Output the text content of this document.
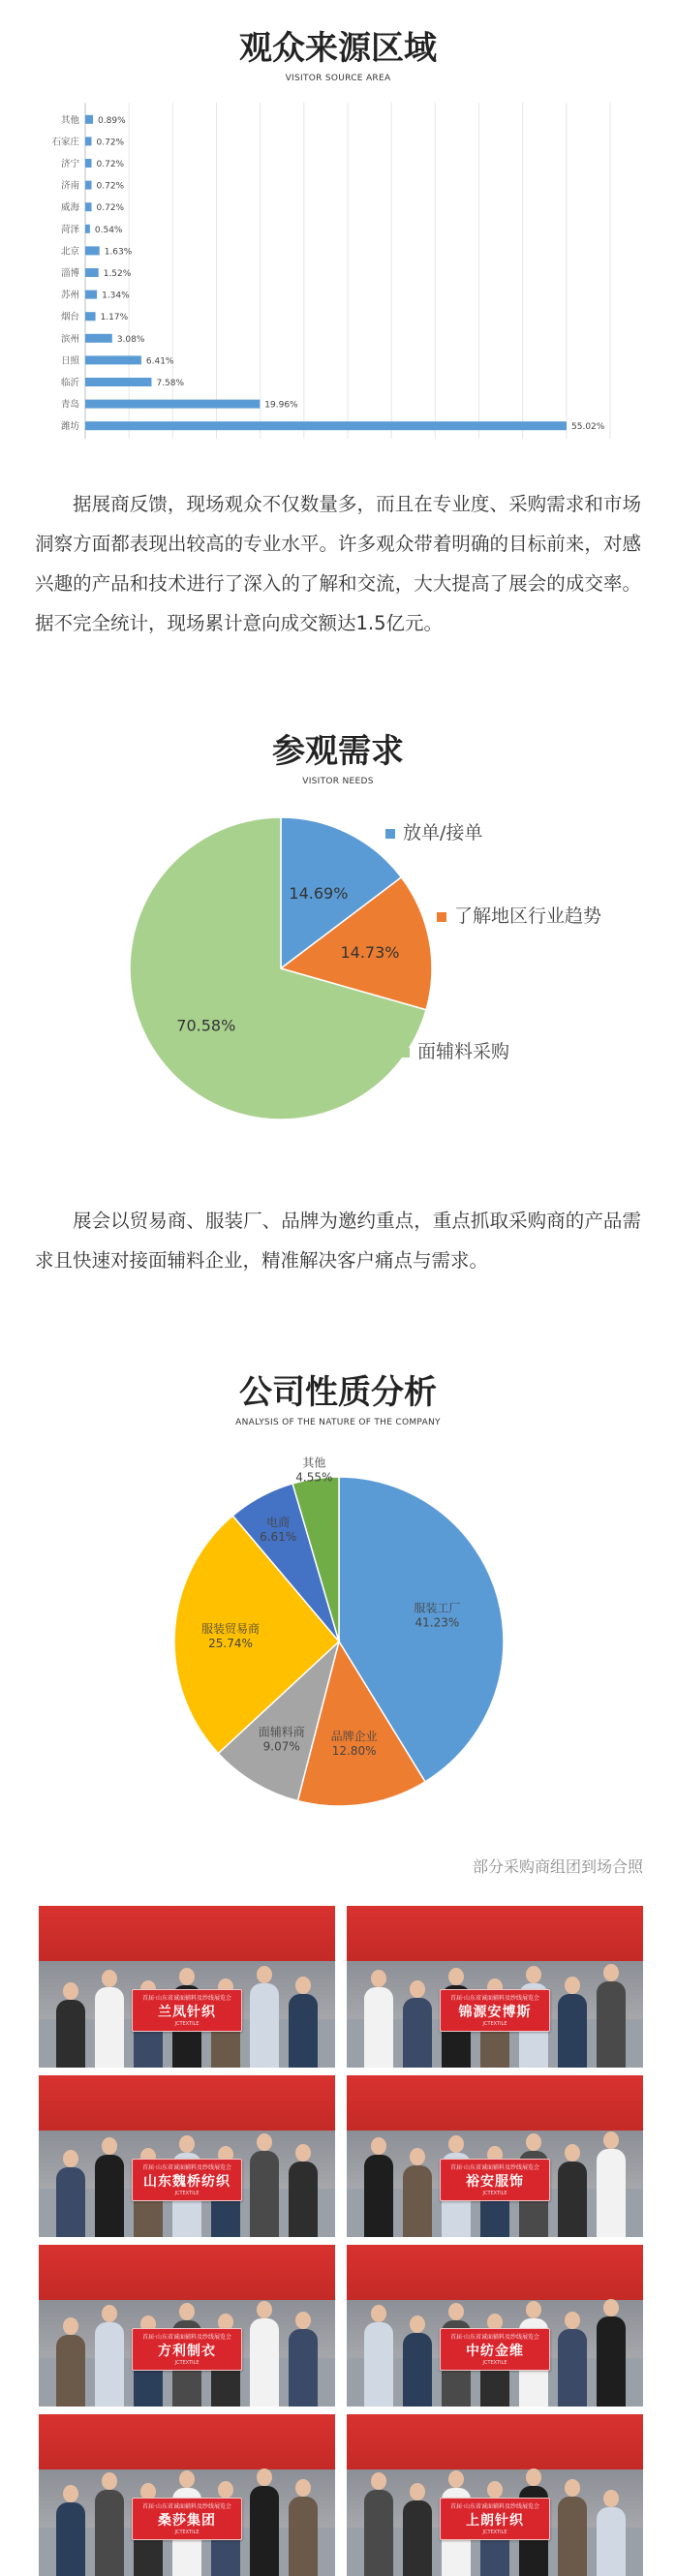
观众来源区域
VISITOR SOURCE AREA
其他 0.89%
石家庄 0.72%
济宁 0.72%
济南 0.72%
威海 0.72%
菏泽 0.54%
北京	1.63%
淄博	1.52%
苏州	1.34%
烟台 1.17%
滨州	3.08%
日照	6.41%
临沂	7.58%
青岛	19.96%
潍坊	55.02%

据展商反馈，现场观众不仅数量多，而且在专业度、采购需求和市场洞察方面都表现出较高的专业水平。许多观众带着明确的目标前来，对感兴趣的产品和技术进行了深入的了解和交流，大大提高了展会的成交率。据不完全统计，现场累计意向成交额达1.5亿元。

参观需求
VISITOR NEEDS
14.69%
14.73%
70.58%
放单/接单
了解地区行业趋势
面辅料采购

展会以贸易商、服装厂、品牌为邀约重点，重点抓取采购商的产品需求且快速对接面辅料企业，精准解决客户痛点与需求。

公司性质分析
ANALYSIS OF THE NATURE OF THE COMPANY
服装工厂
41.23%
品牌企业
12.80%
面辅料商
9.07%
服装贸易商
25.74%
电商
6.61%
其他
4.55%
部分采购商组团到场合照
首届·山东省诚面辅料及纱线展览会
兰凤针织
JCTEXTILE
首届·山东省诚面辅料及纱线展览会
锦源安博斯
JCTEXTILE
首届·山东省诚面辅料及纱线展览会
山东魏桥纺织
JCTEXTILE
首届·山东省诚面辅料及纱线展览会
裕安服饰
JCTEXTILE
首届·山东省诚面辅料及纱线展览会
方利制衣
JCTEXTILE
首届·山东省诚面辅料及纱线展览会
中纺金维
JCTEXTILE
首届·山东省诚面辅料及纱线展览会
桑莎集团
JCTEXTILE
首届·山东省诚面辅料及纱线展览会
上朗针织
JCTEXTILE
